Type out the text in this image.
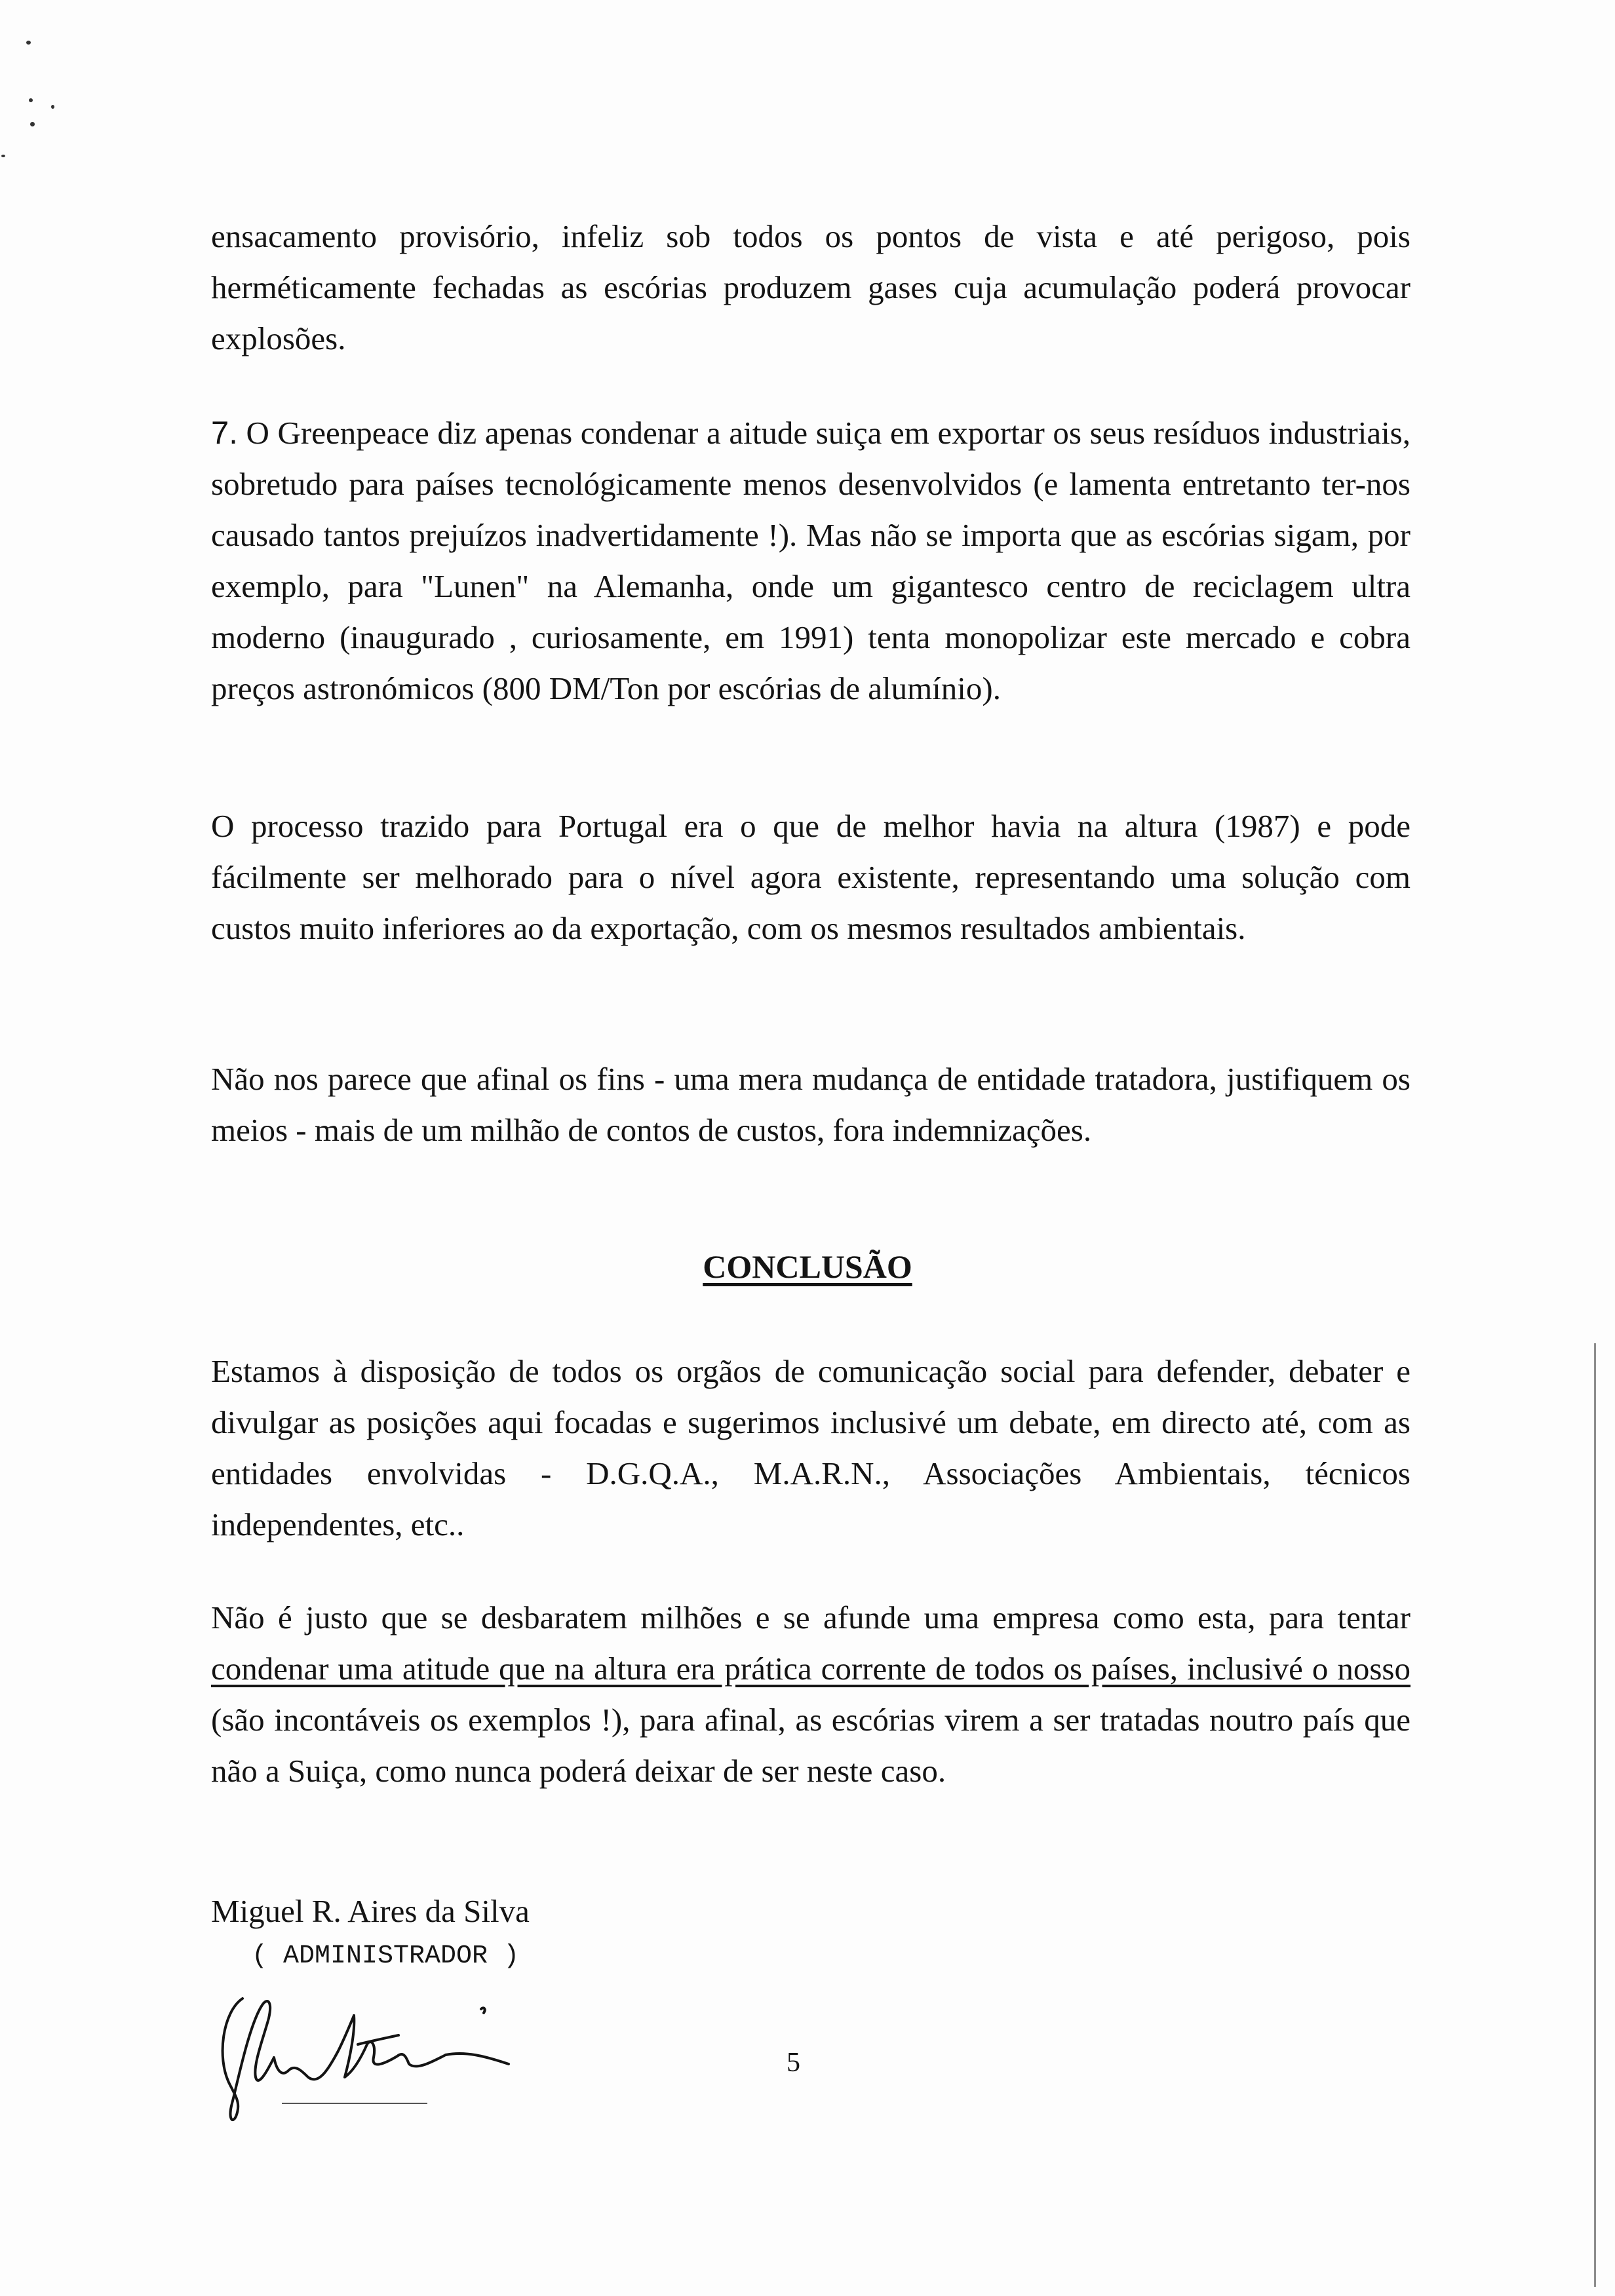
ensacamento provisório, infeliz sob todos os pontos de vista e até perigoso, pois herméticamente fechadas as escórias produzem gases cuja acumulação poderá provocar explosões.

7. O Greenpeace diz apenas condenar a aitude suiça em exportar os seus resíduos industriais, sobretudo para países tecnológicamente menos desenvolvidos (e lamenta entretanto ter-nos causado tantos prejuízos inadvertidamente !). Mas não se importa que as escórias sigam, por exemplo, para "Lunen" na Alemanha, onde um gigantesco centro de reciclagem ultra moderno (inaugurado , curiosamente, em 1991) tenta monopolizar este mercado e cobra preços astronómicos (800 DM/Ton por escórias de alumínio).

O processo trazido para Portugal era o que de melhor havia na altura (1987) e pode fácilmente ser melhorado para o nível agora existente, representando uma solução com custos muito inferiores ao da exportação, com os mesmos resultados ambientais.

Não nos parece que afinal os fins - uma mera mudança de entidade tratadora, justifiquem os meios - mais de um milhão de contos de custos, fora indemnizações.

CONCLUSÃO

Estamos à disposição de todos os orgãos de comunicação social para defender, debater e divulgar as posições aqui focadas e sugerimos inclusivé um debate, em directo até, com as entidades envolvidas - D.G.Q.A., M.A.R.N., Associações Ambientais, técnicos independentes, etc..

Não é justo que se desbaratem milhões e se afunde uma empresa como esta, para tentar condenar uma atitude que na altura era prática corrente de todos os países, inclusivé o nosso (são incontáveis os exemplos !), para afinal, as escórias virem a ser tratadas noutro país que não a Suiça, como nunca poderá deixar de ser neste caso.

Miguel R. Aires da Silva

( ADMINISTRADOR )

5
